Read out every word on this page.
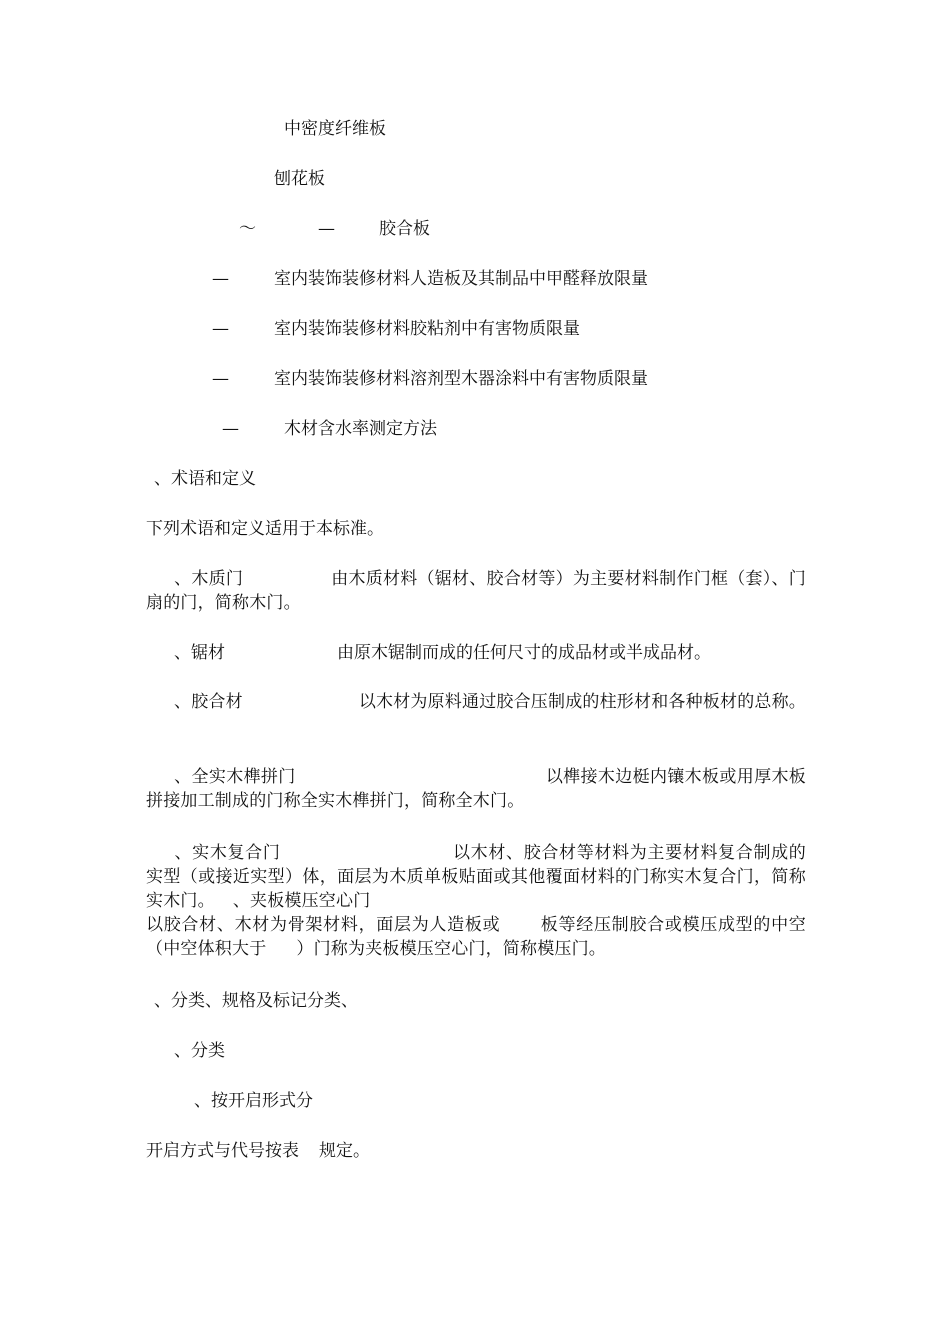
中密度纤维板
刨花板
～	—	胶合板
—	室内装饰装修材料人造板及其制品中甲醛释放限量
—	室内装饰装修材料胶粘剂中有害物质限量
—	室内装饰装修材料溶剂型木器涂料中有害物质限量
—	木材含水率测定方法
、术语和定义
下列术语和定义适用于本标准。
、木质门	由木质材料（锯材、胶合材等）为主要材料制作门框（套）、门扇的门，简称木门。
、锯材	由原木锯制而成的任何尺寸的成品材或半成品材。
、胶合材	以木材为原料通过胶合压制成的柱形材和各种板材的总称。
、全实木榫拼门	以榫接木边梃内镶木板或用厚木板拼接加工制成的门称全实木榫拼门，简称全木门。
、实木复合门	以木材、胶合材等材料为主要材料复合制成的实型（或接近实型）体，面层为木质单板贴面或其他覆面材料的门称实木复合门，简称实木门。 、夹板模压空心门
以胶合材、木材为骨架材料，面层为人造板或 板等经压制胶合或模压成型的中空（中空体积大于 ）门称为夹板模压空心门，简称模压门。
、分类、规格及标记分类、
、分类
、按开启形式分
开启方式与代号按表 规定。
